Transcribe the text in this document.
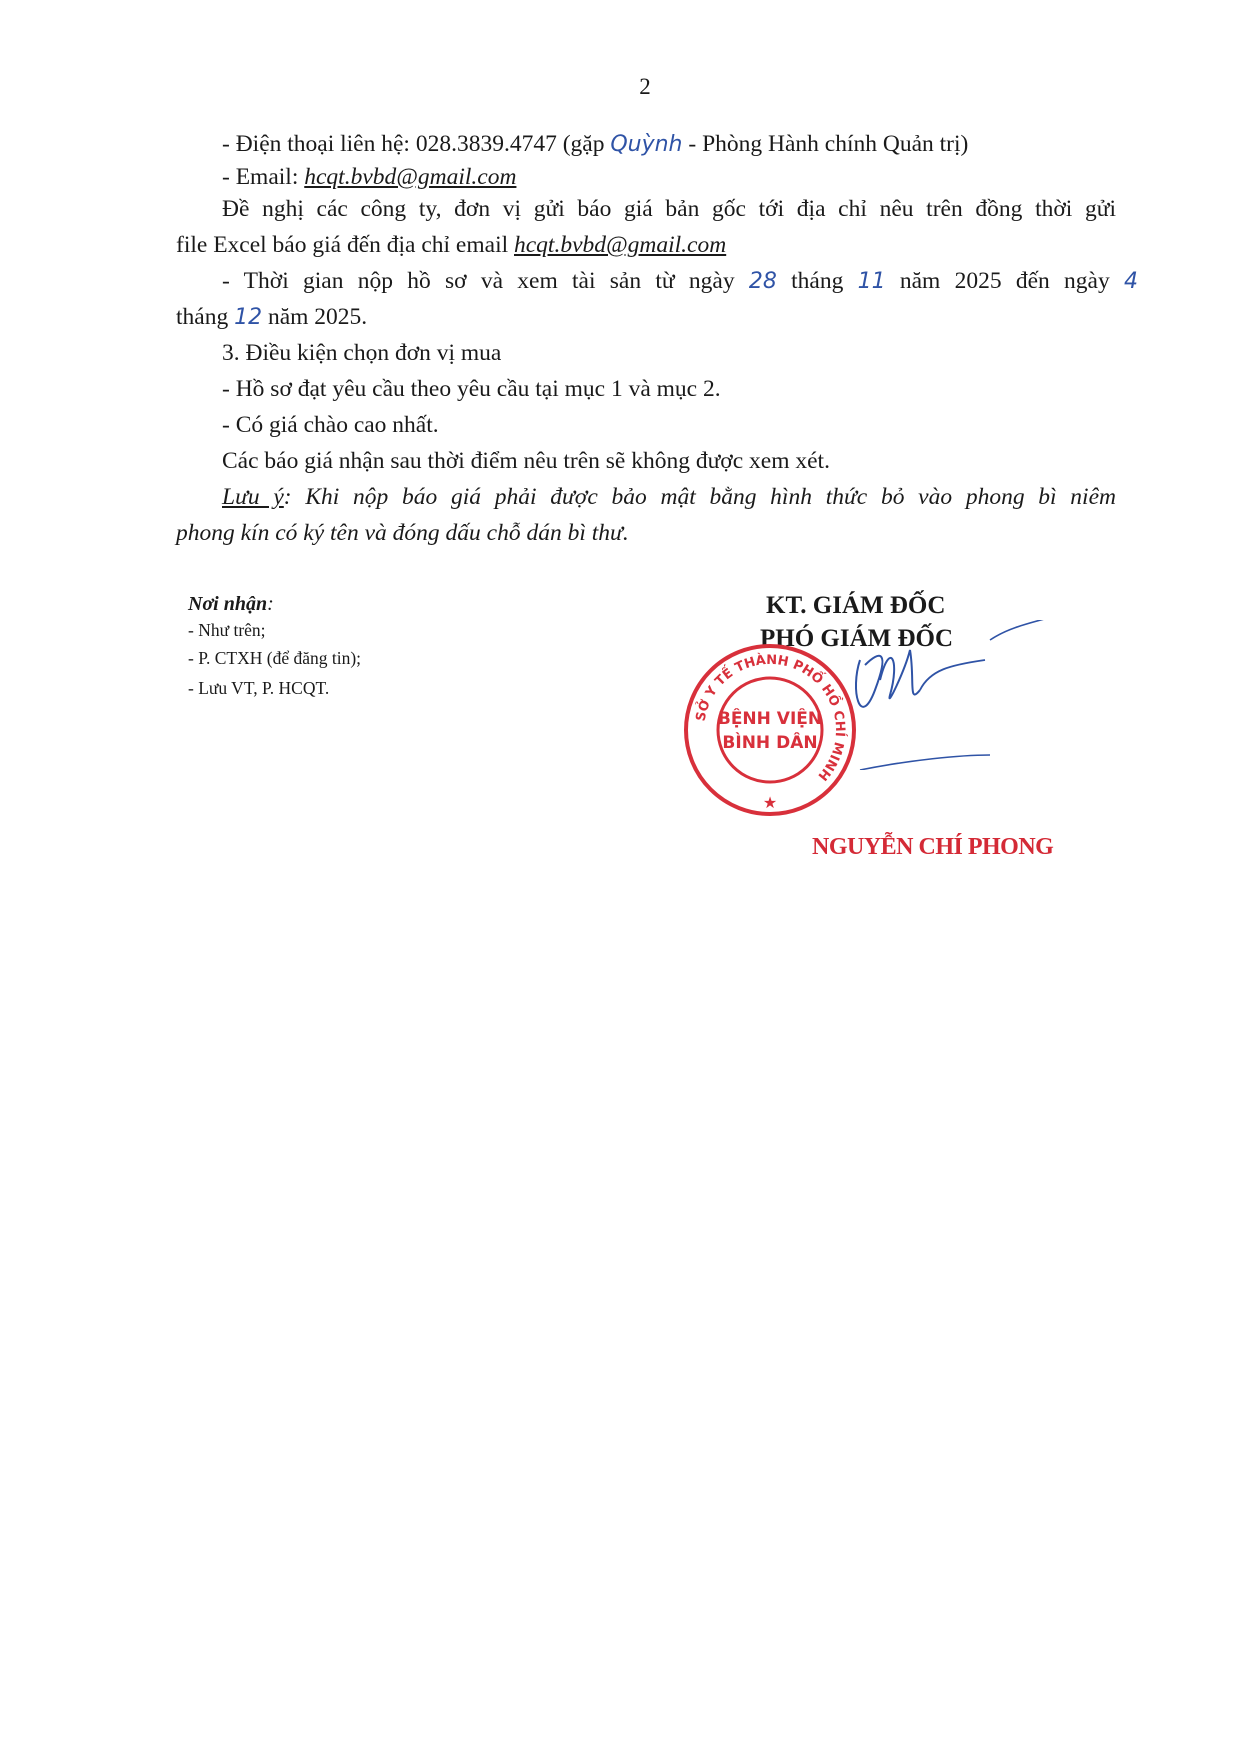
2
- Điện thoại liên hệ: 028.3839.4747 (gặp Quỳnh - Phòng Hành chính Quản trị)
- Email: hcqt.bvbd@gmail.com
Đề nghị các công ty, đơn vị gửi báo giá bản gốc tới địa chỉ nêu trên đồng thời gửi
file Excel báo giá đến địa chỉ email hcqt.bvbd@gmail.com
- Thời gian nộp hồ sơ và xem tài sản từ ngày 28 tháng 11 năm 2025 đến ngày 4
tháng 12 năm 2025.
3. Điều kiện chọn đơn vị mua
- Hồ sơ đạt yêu cầu theo yêu cầu tại mục 1 và mục 2.
- Có giá chào cao nhất.
Các báo giá nhận sau thời điểm nêu trên sẽ không được xem xét.
Lưu ý: Khi nộp báo giá phải được bảo mật bằng hình thức bỏ vào phong bì niêm
phong kín có ký tên và đóng dấu chỗ dán bì thư.
Nơi nhận:
- Như trên;
- P. CTXH (để đăng tin);
- Lưu VT, P. HCQT.
KT. GIÁM ĐỐC
PHÓ GIÁM ĐỐC
SỞ Y TẾ THÀNH PHỐ HỒ CHÍ MINH
BỆNH VIỆN
BÌNH DÂN
★
NGUYỄN CHÍ PHONG
